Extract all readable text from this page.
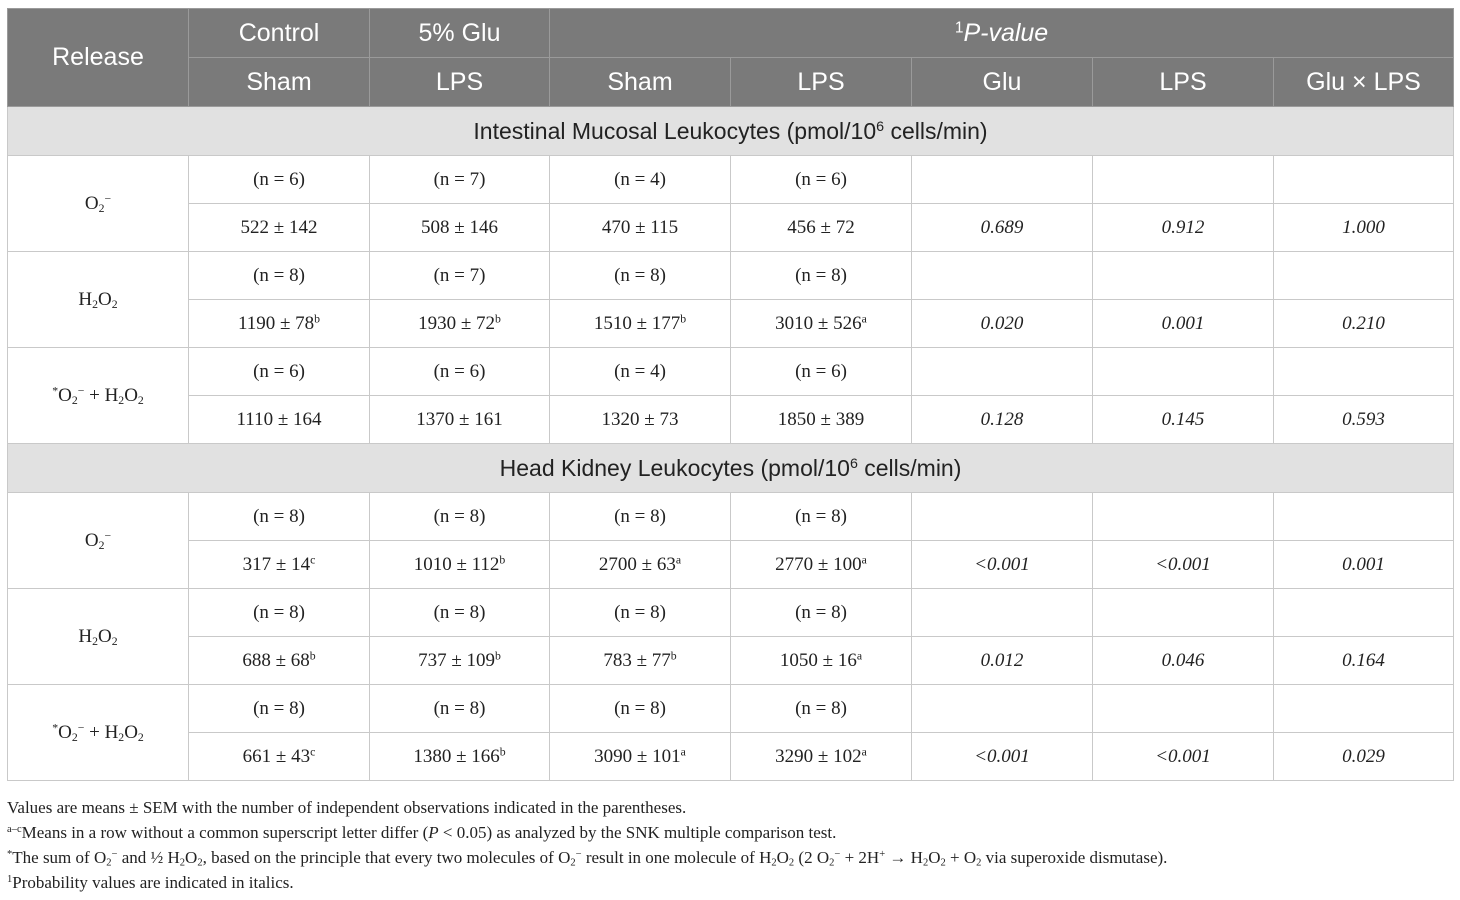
Release	Control	5% Glu	$^1$P-value				
	Sham	LPS	Sham	LPS	Glu	LPS	Glu × LPS
Intestinal Mucosal Leukocytes ($pmol/10^6$ cells/min)							
$O_2^-$	(n = 6)	(n = 7)	(n = 4)	(n = 6)			
	522 ± 142	508 ± 146	470 ± 115	456 ± 72	0.689	0.912	1.000
$H_2O_2$	(n = 8)	(n = 7)	(n = 8)	(n = 8)			
	$1190 \pm 78^b$	$1930 \pm 72^b$	$1510 \pm 177^b$	$3010 \pm 526^a$	0.020	0.001	0.210
$^*O_2^- + H_2O_2$	(n = 6)	(n = 6)	(n = 4)	(n = 6)			
	1110 ± 164	1370 ± 161	1320 ± 73	1850 ± 389	0.128	0.145	0.593
Head Kidney Leukocytes ($pmol/10^6$ cells/min)							
$O_2^-$	(n = 8)	(n = 8)	(n = 8)	(n = 8)			
	$317 \pm 14^c$	$1010 \pm 112^b$	$2700 \pm 63^a$	$2770 \pm 100^a$	<0.001	<0.001	0.001
$H_2O_2$	(n = 8)	(n = 8)	(n = 8)	(n = 8)			
	$688 \pm 68^b$	$737 \pm 109^b$	$783 \pm 77^b$	$1050 \pm 16^a$	0.012	0.046	0.164
$^*O_2^- + H_2O_2$	(n = 8)	(n = 8)	(n = 8)	(n = 8)			
	$661 \pm 43^c$	$1380 \pm 166^b$	$3090 \pm 101^a$	$3290 \pm 102^a$	<0.001	<0.001	0.029
Values are means ± SEM with the number of independent observations indicated in the parentheses.
$^{a-c}$Means in a row without a common superscript letter differ (P < 0.05) as analyzed by the SNK multiple comparison test.
*The sum of $O_2^-$ and ½ $H_2O_2$, based on the principle that every two molecules of $O_2^-$ result in one molecule of $H_2O_2$ (2 $O_2^- + 2H^+ \to H_2O_2 + O_2$ via superoxide dismutase).
$^1$Probability values are indicated in italics.
